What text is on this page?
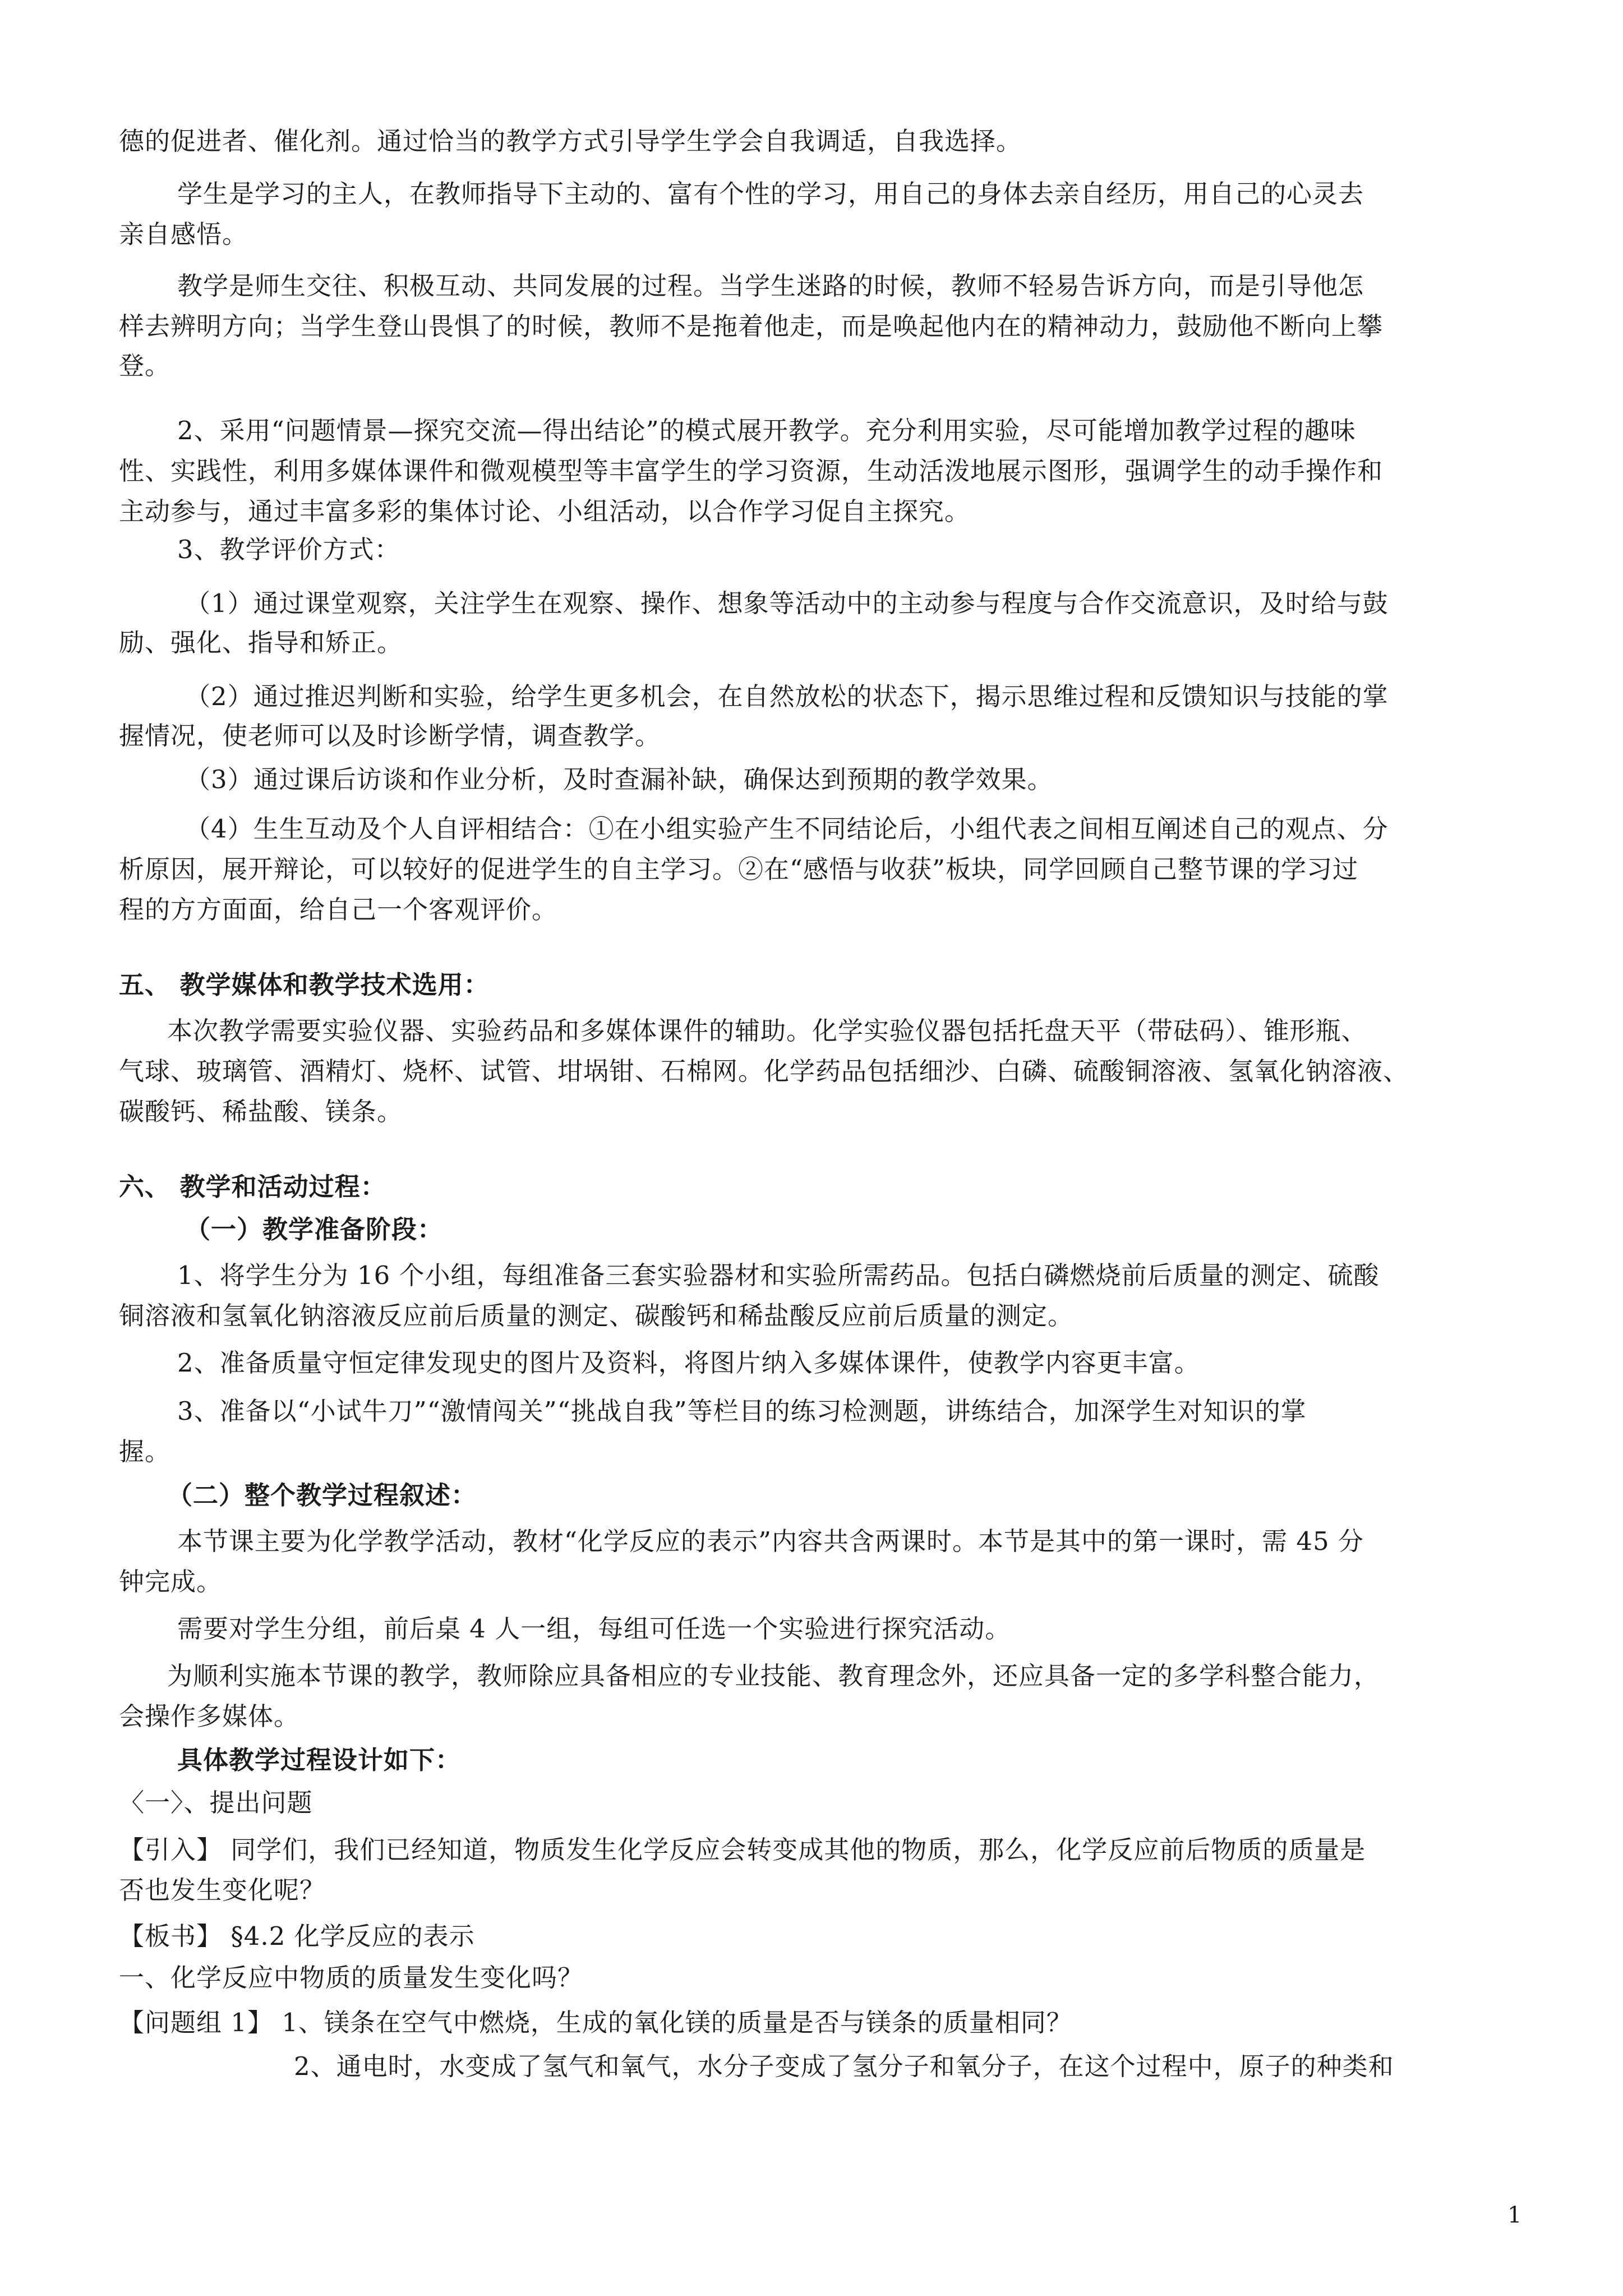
德的促进者、催化剂。通过恰当的教学方式引导学生学会自我调适，自我选择。
学生是学习的主人，在教师指导下主动的、富有个性的学习，用自己的身体去亲自经历，用自己的心灵去
亲自感悟。
教学是师生交往、积极互动、共同发展的过程。当学生迷路的时候，教师不轻易告诉方向，而是引导他怎
样去辨明方向；当学生登山畏惧了的时候，教师不是拖着他走，而是唤起他内在的精神动力，鼓励他不断向上攀
登。
2、采用“问题情景—探究交流—得出结论”的模式展开教学。充分利用实验，尽可能增加教学过程的趣味
性、实践性，利用多媒体课件和微观模型等丰富学生的学习资源，生动活泼地展示图形，强调学生的动手操作和
主动参与，通过丰富多彩的集体讨论、小组活动，以合作学习促自主探究。
3、教学评价方式：
（1）通过课堂观察，关注学生在观察、操作、想象等活动中的主动参与程度与合作交流意识，及时给与鼓
励、强化、指导和矫正。
（2）通过推迟判断和实验，给学生更多机会，在自然放松的状态下，揭示思维过程和反馈知识与技能的掌
握情况，使老师可以及时诊断学情，调查教学。
（3）通过课后访谈和作业分析，及时查漏补缺，确保达到预期的教学效果。
（4）生生互动及个人自评相结合：①在小组实验产生不同结论后，小组代表之间相互阐述自己的观点、分
析原因，展开辩论，可以较好的促进学生的自主学习。②在“感悟与收获”板块，同学回顾自己整节课的学习过
程的方方面面，给自己一个客观评价。
五、 教学媒体和教学技术选用：
本次教学需要实验仪器、实验药品和多媒体课件的辅助。化学实验仪器包括托盘天平（带砝码）、锥形瓶、
气球、玻璃管、酒精灯、烧杯、试管、坩埚钳、石棉网。化学药品包括细沙、白磷、硫酸铜溶液、氢氧化钠溶液、
碳酸钙、稀盐酸、镁条。
六、 教学和活动过程：
（一）教学准备阶段：
1、将学生分为 16 个小组，每组准备三套实验器材和实验所需药品。包括白磷燃烧前后质量的测定、硫酸
铜溶液和氢氧化钠溶液反应前后质量的测定、碳酸钙和稀盐酸反应前后质量的测定。
2、准备质量守恒定律发现史的图片及资料，将图片纳入多媒体课件，使教学内容更丰富。
3、准备以“小试牛刀”“激情闯关”“挑战自我”等栏目的练习检测题，讲练结合，加深学生对知识的掌
握。
（二）整个教学过程叙述：
本节课主要为化学教学活动，教材“化学反应的表示”内容共含两课时。本节是其中的第一课时，需 45 分
钟完成。
需要对学生分组，前后桌 4 人一组，每组可任选一个实验进行探究活动。
为顺利实施本节课的教学，教师除应具备相应的专业技能、教育理念外，还应具备一定的多学科整合能力，
会操作多媒体。
具体教学过程设计如下：
〈一〉、提出问题
【引入】 同学们，我们已经知道，物质发生化学反应会转变成其他的物质，那么，化学反应前后物质的质量是
否也发生变化呢？
【板书】 §4.2 化学反应的表示
一、化学反应中物质的质量发生变化吗？
【问题组 1】 1、镁条在空气中燃烧，生成的氧化镁的质量是否与镁条的质量相同？
2、通电时，水变成了氢气和氧气，水分子变成了氢分子和氧分子，在这个过程中，原子的种类和
1
